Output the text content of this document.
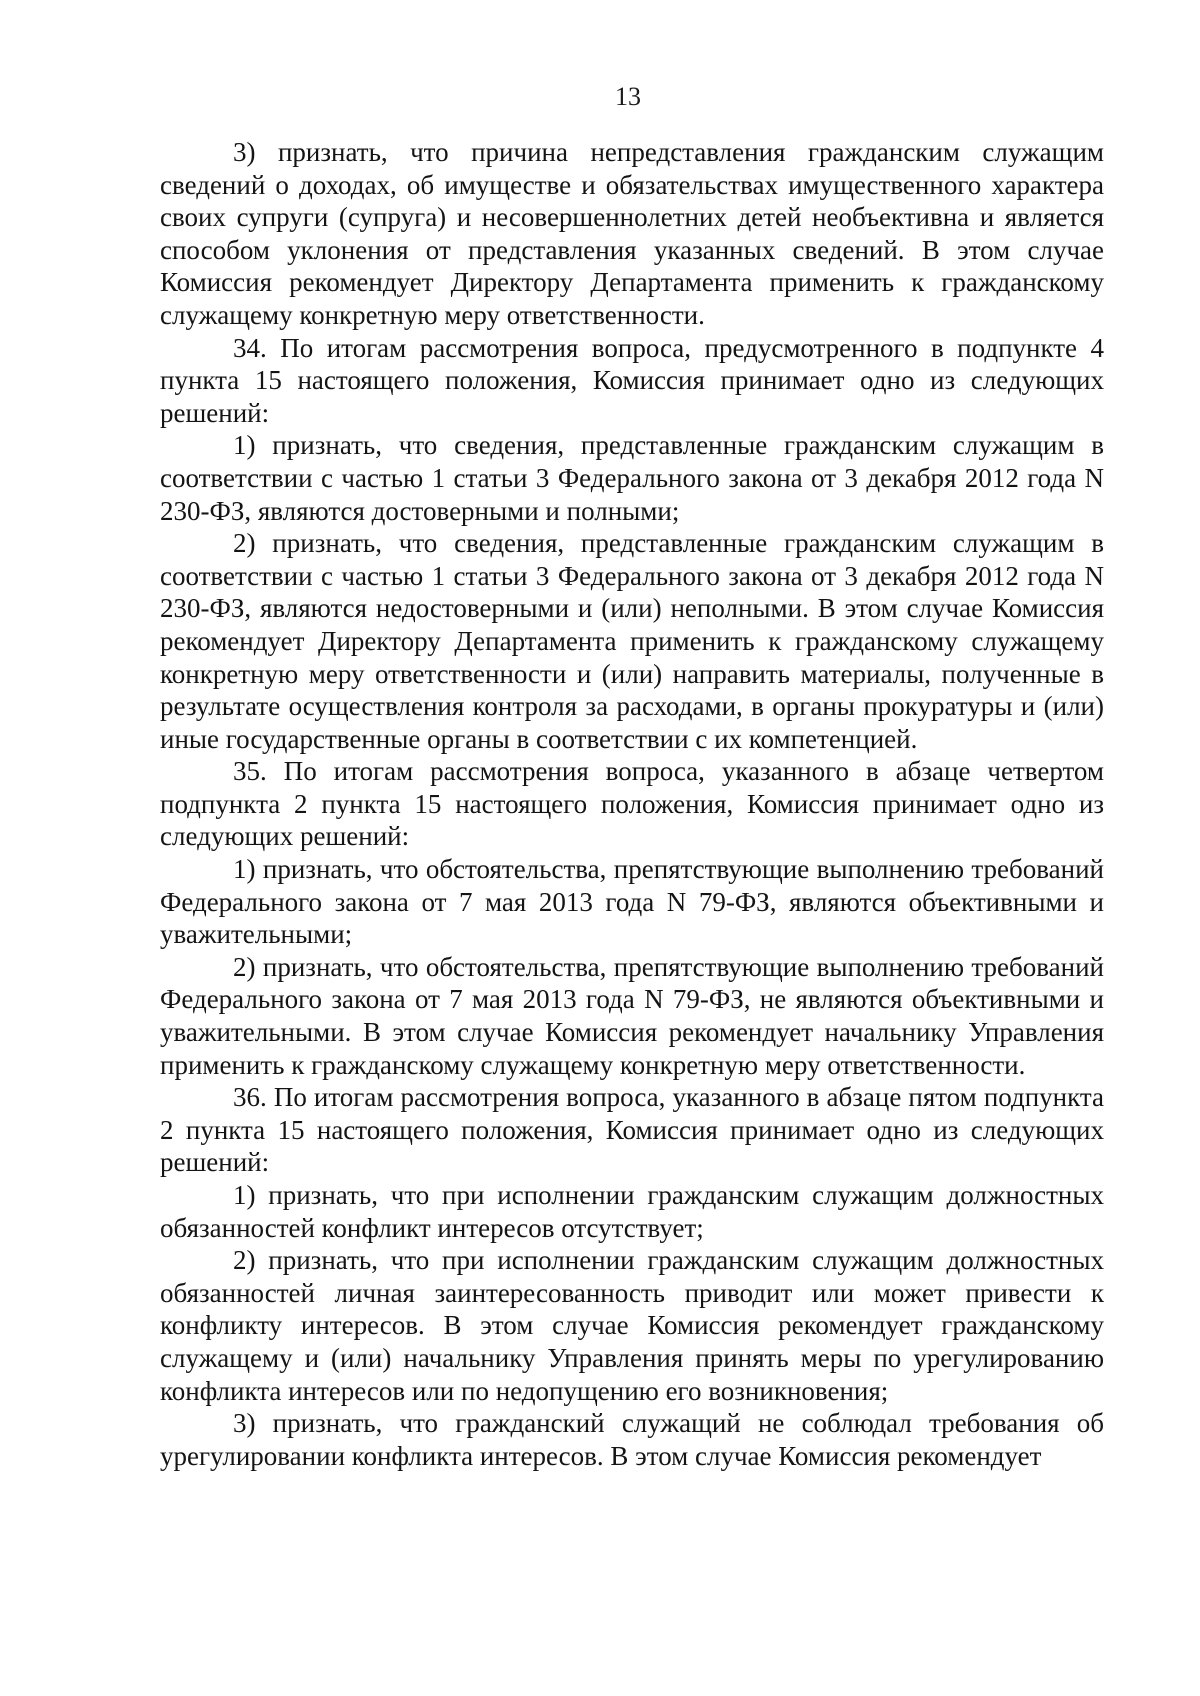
13

3) признать, что причина непредставления гражданским служащим сведений о доходах, об имуществе и обязательствах имущественного характера своих супруги (супруга) и несовершеннолетних детей необъективна и является способом уклонения от представления указанных сведений. В этом случае Комиссия рекомендует Директору Департамента применить к гражданскому служащему конкретную меру ответственности.

34. По итогам рассмотрения вопроса, предусмотренного в подпункте 4 пункта 15 настоящего положения, Комиссия принимает одно из следующих решений:

1) признать, что сведения, представленные гражданским служащим в соответствии с частью 1 статьи 3 Федерального закона от 3 декабря 2012 года N 230-ФЗ, являются достоверными и полными;

2) признать, что сведения, представленные гражданским служащим в соответствии с частью 1 статьи 3 Федерального закона от 3 декабря 2012 года N 230-ФЗ, являются недостоверными и (или) неполными. В этом случае Комиссия рекомендует Директору Департамента применить к гражданскому служащему конкретную меру ответственности и (или) направить материалы, полученные в результате осуществления контроля за расходами, в органы прокуратуры и (или) иные государственные органы в соответствии с их компетенцией.

35. По итогам рассмотрения вопроса, указанного в абзаце четвертом подпункта 2 пункта 15 настоящего положения, Комиссия принимает одно из следующих решений:

1) признать, что обстоятельства, препятствующие выполнению требований Федерального закона от 7 мая 2013 года N 79-ФЗ, являются объективными и уважительными;

2) признать, что обстоятельства, препятствующие выполнению требований Федерального закона от 7 мая 2013 года N 79-ФЗ, не являются объективными и уважительными. В этом случае Комиссия рекомендует начальнику Управления применить к гражданскому служащему конкретную меру ответственности.

36. По итогам рассмотрения вопроса, указанного в абзаце пятом подпункта 2 пункта 15 настоящего положения, Комиссия принимает одно из следующих решений:

1) признать, что при исполнении гражданским служащим должностных обязанностей конфликт интересов отсутствует;

2) признать, что при исполнении гражданским служащим должностных обязанностей личная заинтересованность приводит или может привести к конфликту интересов. В этом случае Комиссия рекомендует гражданскому служащему и (или) начальнику Управления принять меры по урегулированию конфликта интересов или по недопущению его возникновения;

3) признать, что гражданский служащий не соблюдал требования об урегулировании конфликта интересов. В этом случае Комиссия рекомендует
